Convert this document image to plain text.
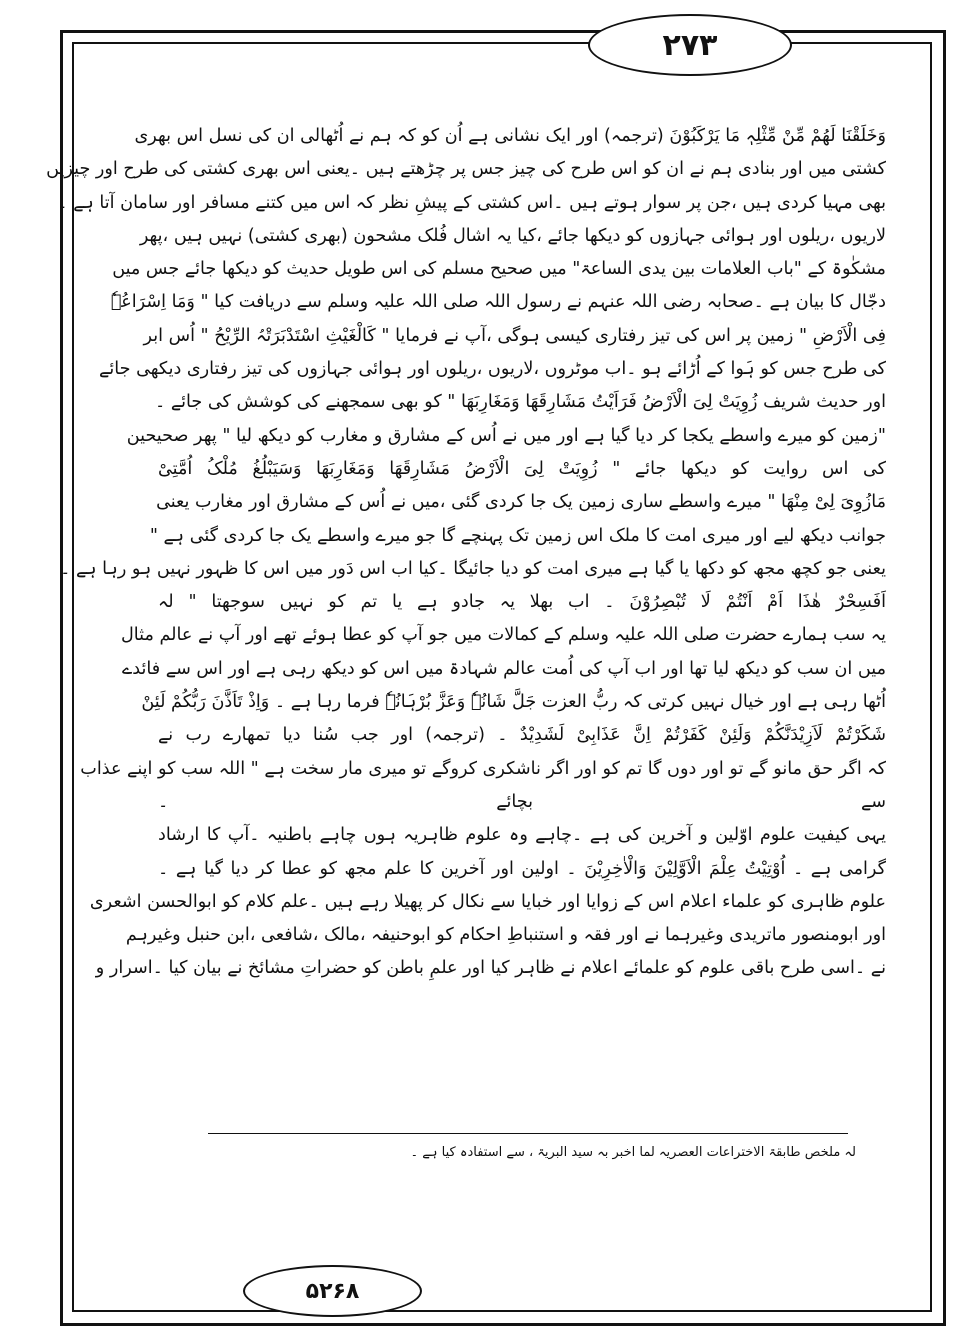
۲۷۳
وَخَلَقْنَا لَھُمْ مِّنْ مِّثْلِہٖ مَا یَرْکَبُوْنَ (ترجمہ) اور ایک نشانی ہے اُن کو کہ ہم نے اُٹھالی ان کی نسل اس بھری
کشتی میں اور بنادی ہم نے ان کو اس طرح کی چیز جس پر چڑھتے ہیں ۔یعنی اس بھری کشتی کی طرح اور چیزیں
بھی مہیا کردی ہیں ،جن پر سوار ہوتے ہیں ۔اس کشتی کے پیشِ نظر کہ اس میں کتنے مسافر اور سامان آتا ہے ۔
لاریوں ،ریلوں اور ہوائی جہازوں کو دیکھا جائے ،کیا یہ اشال فُلک مشحون (بھری کشتی) نہیں ہیں ،پھر
مشکٰوۃ کے "باب العلامات بین یدی الساعۃ" میں صحیح مسلم کی اس طویل حدیث کو دیکھا جائے جس میں
دجّال کا بیان ہے ۔صحابہ رضی اللہ عنہم نے رسول اللہ صلی اللہ علیہ وسلم سے دریافت کیا " وَمَا اِسْرَاعُہٗ
فِی الْاَرْضِ " زمین پر اس کی تیز رفتاری کیسی ہوگی ،آپ نے فرمایا " کَالْغَیْثِ اسْتَدْبَرَتْہُ الرِّیْحُ " اُس ابر
کی طرح جس کو ہَوا کے اُڑائے ہو ۔اب موٹروں ،لاریوں ،ریلوں اور ہوائی جہازوں کی تیز رفتاری دیکھی جائے
اور حدیث شریف زُوِیَتْ لِیَ الْاَرْضُ فَرَاَیْتُ مَشَارِقَھَا وَمَغَارِبَھَا " کو بھی سمجھنے کی کوشش کی جائے ۔
"زمین کو میرے واسطے یکجا کر دیا گیا ہے اور میں نے اُس کے مشارق و مغارب کو دیکھ لیا " پھر صحیحین
کی اس روایت کو دیکھا جائے " زُوِیَتْ لِیَ الْاَرْضُ مَشَارِقَھَا وَمَغَارِبَھَا وَسَیَبْلُغُ مُلْکُ اُمَّتِیْ
مَازُوِیَ لِیْ مِنْھَا " میرے واسطے ساری زمین یک جا کردی گئی ،میں نے اُس کے مشارق اور مغارب یعنی
جوانب دیکھ لیے اور میری امت کا ملک اس زمین تک پہنچے گا جو میرے واسطے یک جا کردی گئی ہے "
یعنی جو کچھ مجھ کو دکھا یا گیا ہے میری امت کو دیا جائیگا ۔کیا اب اس دَور میں اس کا ظہور نہیں ہو رہا ہے ۔
اَفَسِحْرٌ ھٰذَا اَمْ اَنْتُمْ لَا تُبْصِرُوْنَ ۔ اب بھلا یہ جادو ہے یا تم کو نہیں سوجھتا " لہ
یہ سب ہمارے حضرت صلی اللہ علیہ وسلم کے کمالات میں جو آپ کو عطا ہوئے تھے اور آپ نے عالم مثال
میں ان سب کو دیکھ لیا تھا اور اب آپ کی اُمت عالم شہادۃ میں اس کو دیکھ رہی ہے اور اس سے فائدے
اُٹھا رہی ہے اور خیال نہیں کرتی کہ ربُّ العزت جَلَّ شَانُہٗ وَعَزَّ بُرْہَانُہٗ فرما رہا ہے ۔ وَاِذْ تَاَذَّنَ رَبُّکُمْ لَئِنْ
شَکَرْتُمْ لَاَزِیْدَنَّکُمْ وَلَئِنْ کَفَرْتُمْ اِنَّ عَذَابِیْ لَشَدِیْدٌ ۔ (ترجمہ) اور جب سُنا دیا تمھارے رب نے
کہ اگر حق مانو گے تو اور دوں گا تم کو اور اگر ناشکری کروگے تو میری مار سخت ہے " اللہ سب کو اپنے عذاب
سے بچائے ۔
یہی کیفیت علوم اوّلین و آخرین کی ہے ۔چاہے وہ علوم ظاہریہ ہوں چاہے باطنیہ ۔آپ کا ارشاد
گرامی ہے ۔ اُوْتِیْتُ عِلْمَ الْاَوَّلِیْنَ وَالْاٰخِرِیْنَ ۔ اولین اور آخرین کا علم مجھ کو عطا کر دیا گیا ہے ۔
علوم ظاہری کو علماء اعلام اس کے زوایا اور خبایا سے نکال کر پھیلا رہے ہیں ۔علم کلام کو ابوالحسن اشعری
اور ابومنصور ماتریدی وغیرہما نے اور فقہ و استنباطِ احکام کو ابوحنیفہ ،مالک ،شافعی ،ابن حنبل وغیرہم
نے ۔اسی طرح باقی علوم کو علمائے اعلام نے ظاہر کیا اور علمِ باطن کو حضراتِ مشائخ نے بیان کیا ۔اسرار و
لہ ملخص طابقۃ الاختراعات العصریہ لما اخبر بہ سید البریۃ ، سے استفادہ کیا ہے ۔
۵۲۶۸
